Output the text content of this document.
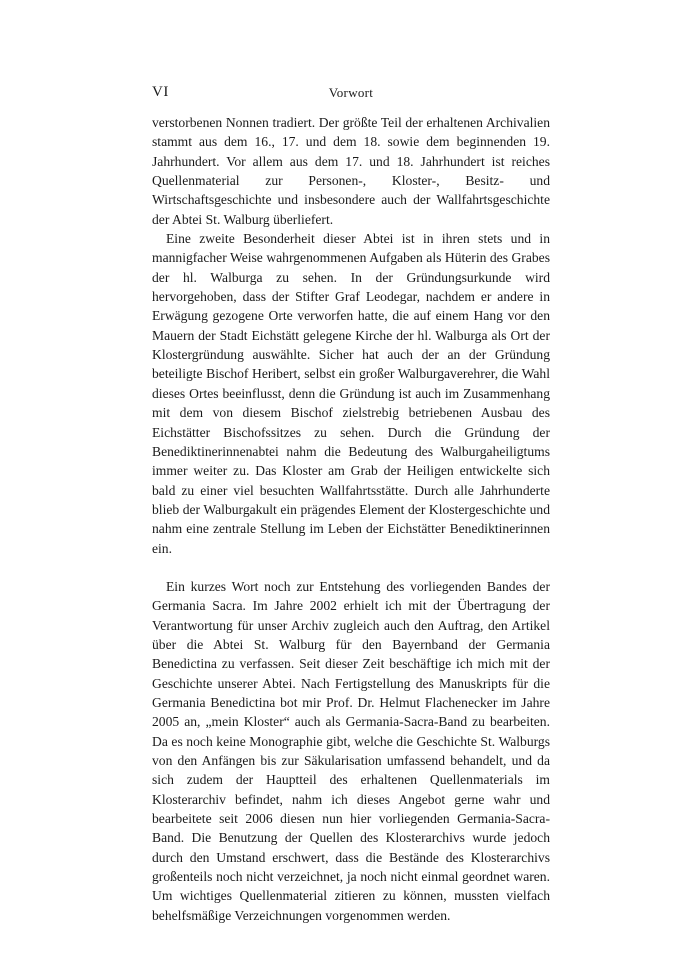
VI	Vorwort

verstorbenen Nonnen tradiert. Der größte Teil der erhaltenen Archivalien stammt aus dem 16., 17. und dem 18. sowie dem beginnenden 19. Jahrhundert. Vor allem aus dem 17. und 18. Jahrhundert ist reiches Quellenmaterial zur Personen-, Kloster-, Besitz- und Wirtschaftsgeschichte und insbesondere auch der Wallfahrtsgeschichte der Abtei St. Walburg überliefert.

Eine zweite Besonderheit dieser Abtei ist in ihren stets und in mannigfacher Weise wahrgenommenen Aufgaben als Hüterin des Grabes der hl. Walburga zu sehen. In der Gründungsurkunde wird hervorgehoben, dass der Stifter Graf Leodegar, nachdem er andere in Erwägung gezogene Orte verworfen hatte, die auf einem Hang vor den Mauern der Stadt Eichstätt gelegene Kirche der hl. Walburga als Ort der Klostergründung auswählte. Sicher hat auch der an der Gründung beteiligte Bischof Heribert, selbst ein großer Walburgaverehrer, die Wahl dieses Ortes beeinflusst, denn die Gründung ist auch im Zusammenhang mit dem von diesem Bischof zielstrebig betriebenen Ausbau des Eichstätter Bischofssitzes zu sehen. Durch die Gründung der Benediktinerinnenabtei nahm die Bedeutung des Walburgaheiligtums immer weiter zu. Das Kloster am Grab der Heiligen entwickelte sich bald zu einer viel besuchten Wallfahrtsstätte. Durch alle Jahrhunderte blieb der Walburgakult ein prägendes Element der Klostergeschichte und nahm eine zentrale Stellung im Leben der Eichstätter Benediktinerinnen ein.

Ein kurzes Wort noch zur Entstehung des vorliegenden Bandes der Germania Sacra. Im Jahre 2002 erhielt ich mit der Übertragung der Verantwortung für unser Archiv zugleich auch den Auftrag, den Artikel über die Abtei St. Walburg für den Bayernband der Germania Benedictina zu verfassen. Seit dieser Zeit beschäftige ich mich mit der Geschichte unserer Abtei. Nach Fertigstellung des Manuskripts für die Germania Benedictina bot mir Prof. Dr. Helmut Flachenecker im Jahre 2005 an, „mein Kloster“ auch als Germania-Sacra-Band zu bearbeiten. Da es noch keine Monographie gibt, welche die Geschichte St. Walburgs von den Anfängen bis zur Säkularisation umfassend behandelt, und da sich zudem der Hauptteil des erhaltenen Quellenmaterials im Klosterarchiv befindet, nahm ich dieses Angebot gerne wahr und bearbeitete seit 2006 diesen nun hier vorliegenden Germania-Sacra-Band. Die Benutzung der Quellen des Klosterarchivs wurde jedoch durch den Umstand erschwert, dass die Bestände des Klosterarchivs großenteils noch nicht verzeichnet, ja noch nicht einmal geordnet waren. Um wichtiges Quellenmaterial zitieren zu können, mussten vielfach behelfsmäßige Verzeichnungen vorgenommen werden.
